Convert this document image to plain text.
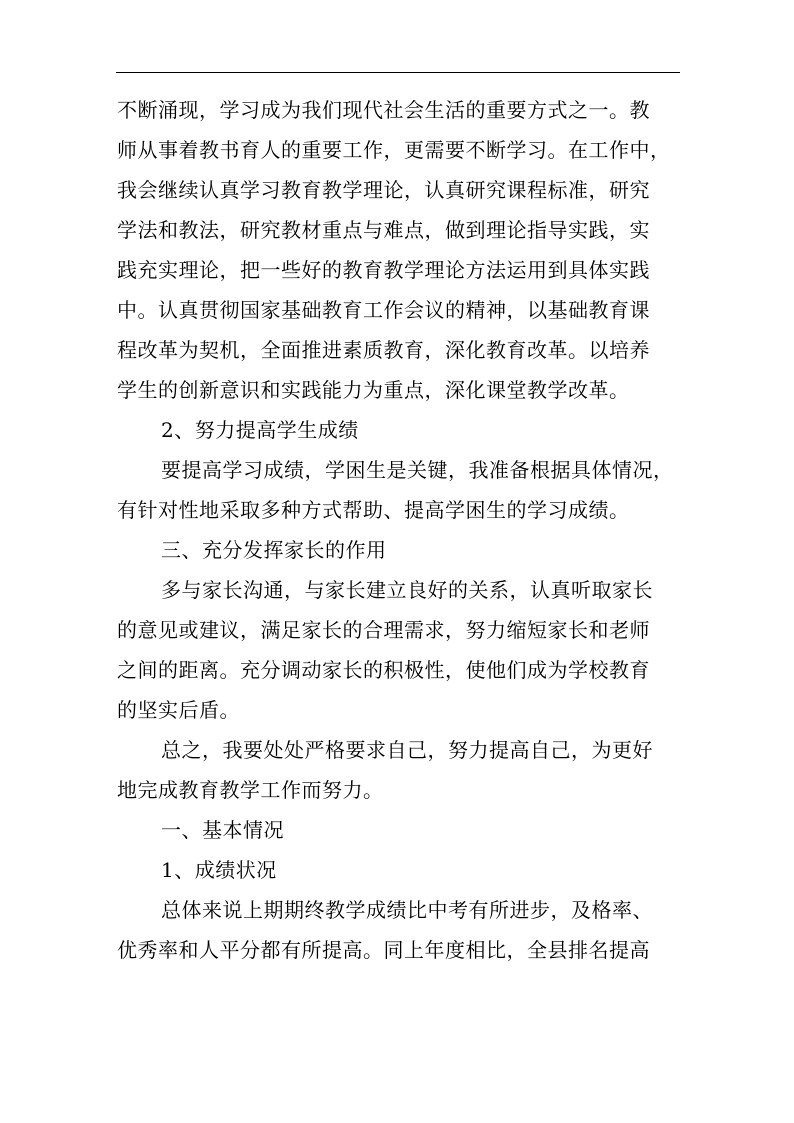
不断涌现，学习成为我们现代社会生活的重要方式之一。教
师从事着教书育人的重要工作，更需要不断学习。在工作中，
我会继续认真学习教育教学理论，认真研究课程标准，研究
学法和教法，研究教材重点与难点，做到理论指导实践，实
践充实理论，把一些好的教育教学理论方法运用到具体实践
中。认真贯彻国家基础教育工作会议的精神，以基础教育课
程改革为契机，全面推进素质教育，深化教育改革。以培养
学生的创新意识和实践能力为重点，深化课堂教学改革。
2、努力提高学生成绩
要提高学习成绩，学困生是关键，我准备根据具体情况，
有针对性地采取多种方式帮助、提高学困生的学习成绩。
三、充分发挥家长的作用
多与家长沟通，与家长建立良好的关系，认真听取家长
的意见或建议，满足家长的合理需求，努力缩短家长和老师
之间的距离。充分调动家长的积极性，使他们成为学校教育
的坚实后盾。
总之，我要处处严格要求自己，努力提高自己，为更好
地完成教育教学工作而努力。
一、基本情况
1、成绩状况
总体来说上期期终教学成绩比中考有所进步，及格率、
优秀率和人平分都有所提高。同上年度相比，全县排名提高
